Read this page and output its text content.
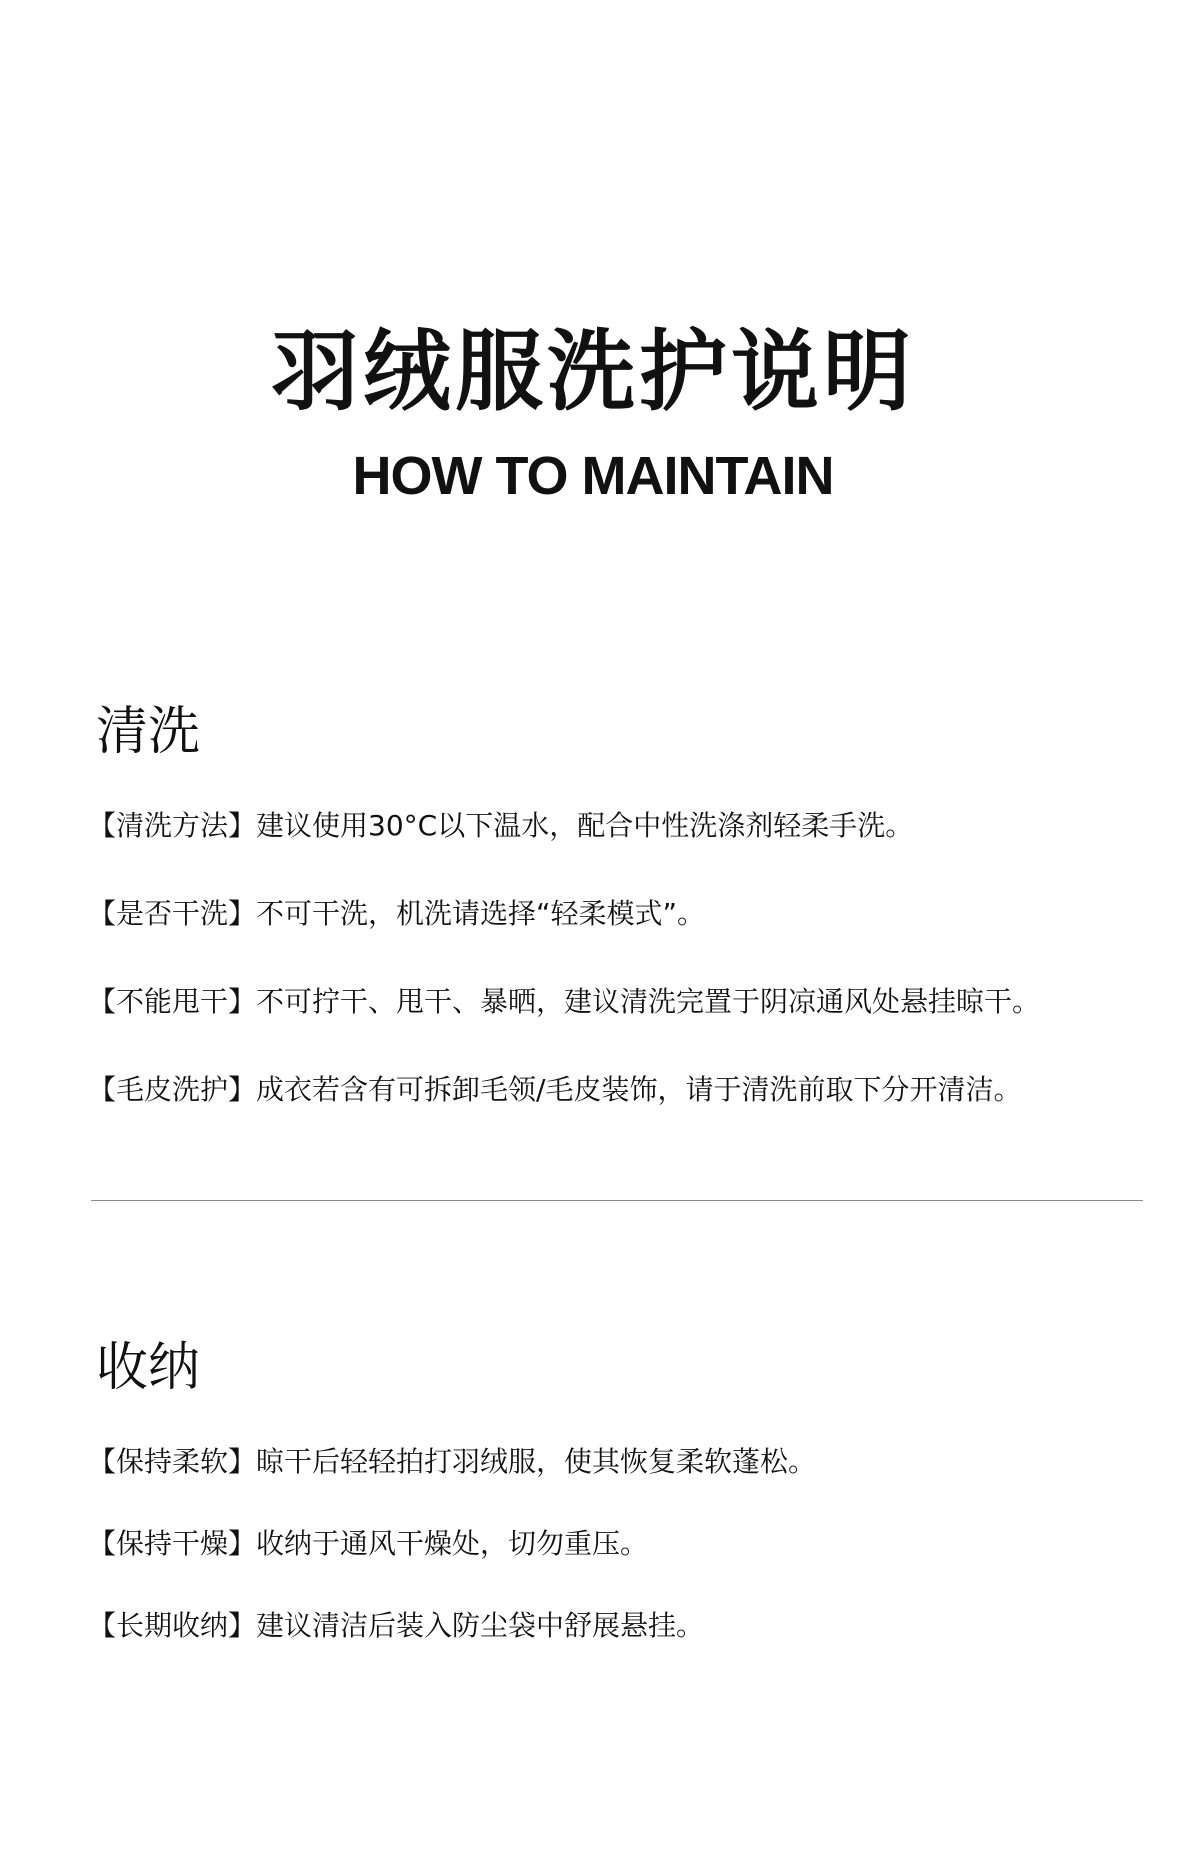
羽绒服洗护说明
HOW TO MAINTAIN
清洗
【清洗方法】建议使用30°C以下温水，配合中性洗涤剂轻柔手洗。
【是否干洗】不可干洗，机洗请选择“轻柔模式”。
【不能甩干】不可拧干、甩干、暴晒，建议清洗完置于阴凉通风处悬挂晾干。
【毛皮洗护】成衣若含有可拆卸毛领/毛皮装饰，请于清洗前取下分开清洁。
收纳
【保持柔软】晾干后轻轻拍打羽绒服，使其恢复柔软蓬松。
【保持干燥】收纳于通风干燥处，切勿重压。
【长期收纳】建议清洁后装入防尘袋中舒展悬挂。
